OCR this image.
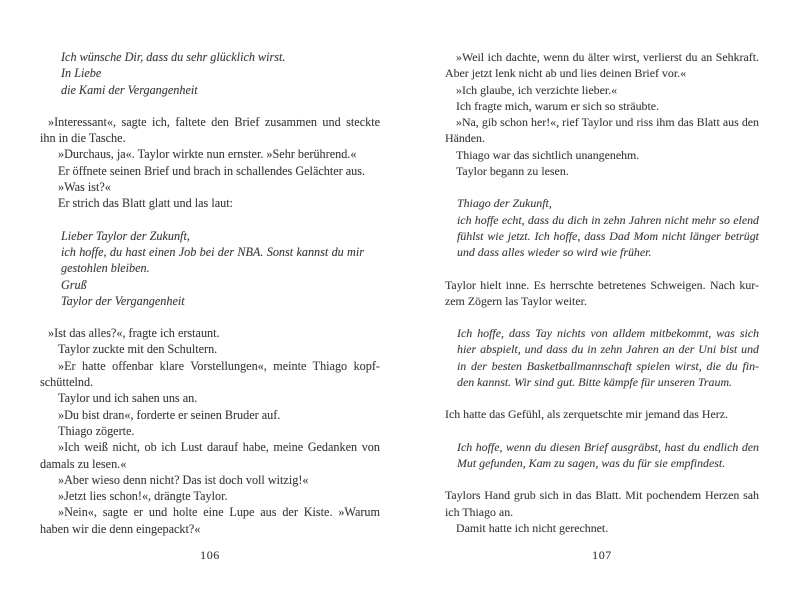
Ich wünsche Dir, dass du sehr glücklich wirst.
In Liebe
die Kami der Vergangenheit
»Interessant«, sagte ich, faltete den Brief zusammen und steckte
ihn in die Tasche.
»Durchaus, ja«. Taylor wirkte nun ernster. »Sehr berührend.«
Er öffnete seinen Brief und brach in schallendes Gelächter aus.
»Was ist?«
Er strich das Blatt glatt und las laut:
Lieber Taylor der Zukunft,
ich hoffe, du hast einen Job bei der NBA. Sonst kannst du mir
gestohlen bleiben.
Gruß
Taylor der Vergangenheit
»Ist das alles?«, fragte ich erstaunt.
Taylor zuckte mit den Schultern.
»Er hatte offenbar klare Vorstellungen«, meinte Thiago kopf-
schüttelnd.
Taylor und ich sahen uns an.
»Du bist dran«, forderte er seinen Bruder auf.
Thiago zögerte.
»Ich weiß nicht, ob ich Lust darauf habe, meine Gedanken von
damals zu lesen.«
»Aber wieso denn nicht? Das ist doch voll witzig!«
»Jetzt lies schon!«, drängte Taylor.
»Nein«, sagte er und holte eine Lupe aus der Kiste. »Warum
haben wir die denn eingepackt?«
»Weil ich dachte, wenn du älter wirst, verlierst du an Sehkraft.
Aber jetzt lenk nicht ab und lies deinen Brief vor.«
»Ich glaube, ich verzichte lieber.«
Ich fragte mich, warum er sich so sträubte.
»Na, gib schon her!«, rief Taylor und riss ihm das Blatt aus den
Händen.
Thiago war das sichtlich unangenehm.
Taylor begann zu lesen.
Thiago der Zukunft,
ich hoffe echt, dass du dich in zehn Jahren nicht mehr so elend
fühlst wie jetzt. Ich hoffe, dass Dad Mom nicht länger betrügt
und dass alles wieder so wird wie früher.
Taylor hielt inne. Es herrschte betretenes Schweigen. Nach kur-
zem Zögern las Taylor weiter.
Ich hoffe, dass Tay nichts von alldem mitbekommt, was sich
hier abspielt, und dass du in zehn Jahren an der Uni bist und
in der besten Basketballmannschaft spielen wirst, die du fin-
den kannst. Wir sind gut. Bitte kämpfe für unseren Traum.
Ich hatte das Gefühl, als zerquetschte mir jemand das Herz.
Ich hoffe, wenn du diesen Brief ausgräbst, hast du endlich den
Mut gefunden, Kam zu sagen, was du für sie empfindest.
Taylors Hand grub sich in das Blatt. Mit pochendem Herzen sah
ich Thiago an.
Damit hatte ich nicht gerechnet.
106	107
